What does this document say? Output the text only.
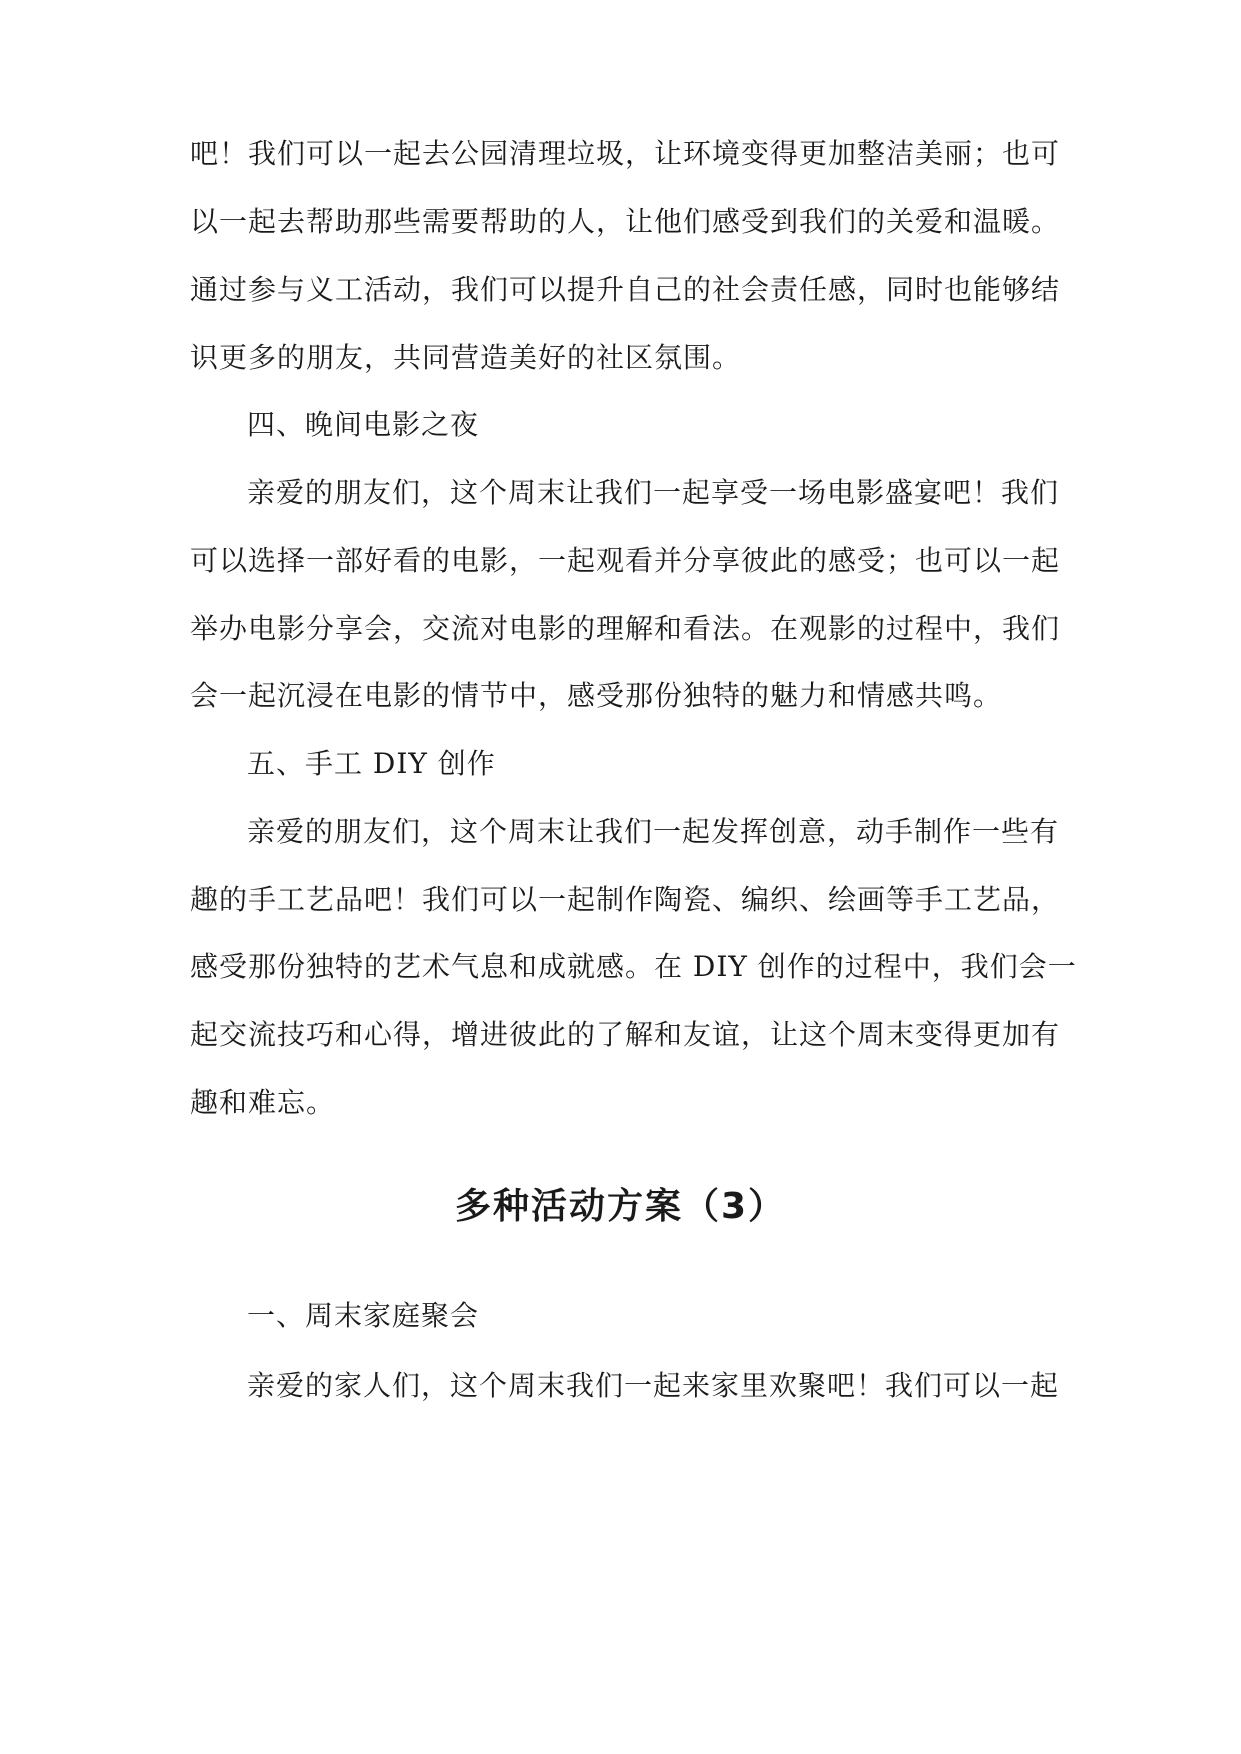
吧！我们可以一起去公园清理垃圾，让环境变得更加整洁美丽；也可
以一起去帮助那些需要帮助的人，让他们感受到我们的关爱和温暖。
通过参与义工活动，我们可以提升自己的社会责任感，同时也能够结
识更多的朋友，共同营造美好的社区氛围。
四、晚间电影之夜
亲爱的朋友们，这个周末让我们一起享受一场电影盛宴吧！我们
可以选择一部好看的电影，一起观看并分享彼此的感受；也可以一起
举办电影分享会，交流对电影的理解和看法。在观影的过程中，我们
会一起沉浸在电影的情节中，感受那份独特的魅力和情感共鸣。
五、手工 DIY 创作
亲爱的朋友们，这个周末让我们一起发挥创意，动手制作一些有
趣的手工艺品吧！我们可以一起制作陶瓷、编织、绘画等手工艺品，
感受那份独特的艺术气息和成就感。在 DIY 创作的过程中，我们会一
起交流技巧和心得，增进彼此的了解和友谊，让这个周末变得更加有
趣和难忘。
多种活动方案（3）
一、周末家庭聚会
亲爱的家人们，这个周末我们一起来家里欢聚吧！我们可以一起
